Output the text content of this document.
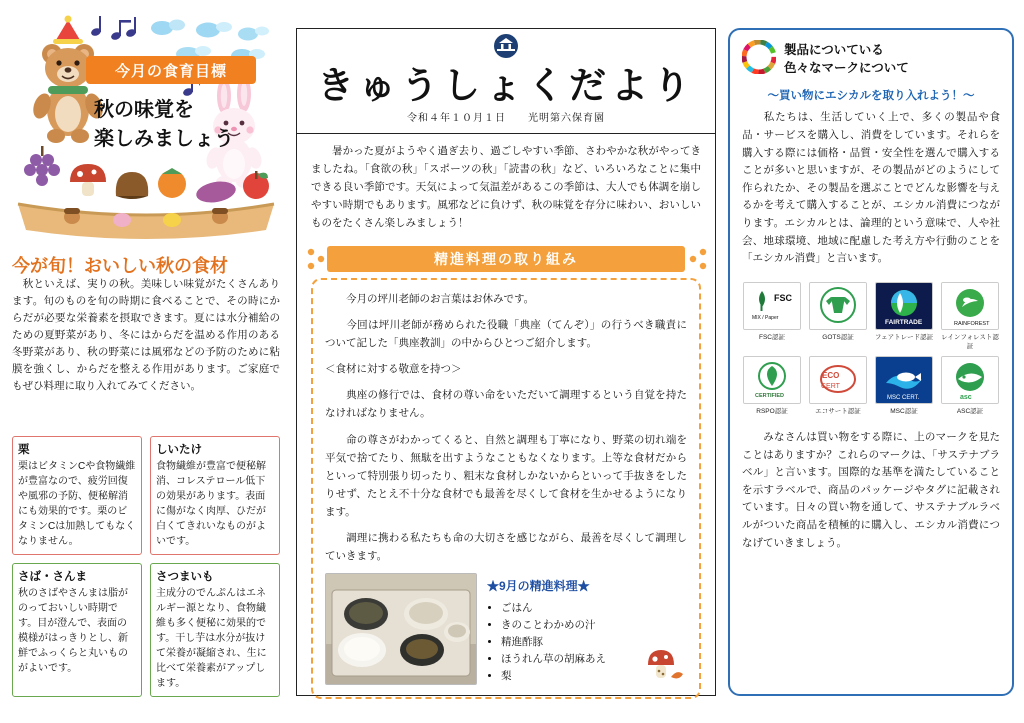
今月の食育目標
秋の味覚を
楽しみましょう
今が旬！おいしい秋の食材
　秋といえば、実りの秋。美味しい味覚がたくさんあります。旬のものを旬の時期に食べることで、その時にからだが必要な栄養素を摂取できます。夏には水分補給のための夏野菜があり、冬にはからだを温める作用のある冬野菜があり、秋の野菜には風邪などの予防のために粘膜を強くし、からだを整える作用があります。ご家庭でもぜひ料理に取り入れてみてください。
栗
栗はビタミンCや食物繊維が豊富なので、疲労回復や風邪の予防、便秘解消にも効果的です。栗のビタミンCは加熱してもなくなりません。
しいたけ
食物繊維が豊富で便秘解消、コレステロール低下の効果があります。表面に傷がなく肉厚、ひだが白くてきれいなものがよいです。
さば・さんま
秋のさばやさんまは脂がのっておいしい時期です。目が澄んで、表面の模様がはっきりとし、新鮮でふっくらと丸いものがよいです。
さつまいも
主成分のでんぷんはエネルギー源となり、食物繊維も多く便秘に効果的です。干し芋は水分が抜けて栄養が凝縮され、生に比べて栄養素がアップします。
きゅうしょくだより
令和４年１０月１日　　光明第六保育園
　暑かった夏がようやく過ぎ去り、過ごしやすい季節、さわやかな秋がやってきましたね。「食欲の秋」「スポーツの秋」「読書の秋」など、いろいろなことに集中できる良い季節です。天気によって気温差があるこの季節は、大人でも体調を崩しやすい時期でもあります。風邪などに負けず、秋の味覚を存分に味わい、おいしいものをたくさん楽しみましょう！
精進料理の取り組み

　今月の坪川老師のお言葉はお休みです。

　今回は坪川老師が務められた役職「典座（てんぞ）」の行うべき職責について記した「典座教訓」の中からひとつご紹介します。

＜食材に対する敬意を持つ＞

　典座の修行では、食材の尊い命をいただいて調理するという自覚を持たなければなりません。

　命の尊さがわかってくると、自然と調理も丁寧になり、野菜の切れ端を平気で捨てたり、無駄を出すようなこともなくなります。上等な食材だからといって特別張り切ったり、粗末な食材しかないからといって手抜きをしたりせず、たとえ不十分な食材でも最善を尽くして食材を生かせるようになります。

　調理に携わる私たちも命の大切さを感じながら、最善を尽くして調理していきます。

★9月の精進料理★
• ごはん
• きのことわかめの汁
• 精進酢豚
• ほうれん草の胡麻あえ
• 梨
製品についている
色々なマークについて
〜買い物にエシカルを取り入れよう！〜
　私たちは、生活していく上で、多くの製品や食品・サービスを購入し、消費をしています。それらを購入する際には価格・品質・安全性を選んで購入することが多いと思いますが、その製品がどのようにして作られたか、その製品を選ぶことでどんな影響を与えるかを考えて購入することが、エシカル消費につながります。エシカルとは、論理的という意味で、人や社会、地球環境、地域に配慮した考え方や行動のことを「エシカル消費」と言います。
FSC
MIX / Paper
FSC認証	GOTS認証
FAIRTRADE
フェアトレード認証
RAINFOREST
レインフォレスト認証
CERTIFIED
RSPO認証
ECO
CERT
エコサート認証
MSC CERT.
MSC認証
asc
ASC認証
　みなさんは買い物をする際に、上のマークを見たことはありますか？これらのマークは、「サステナブラベル」と言います。国際的な基準を満たしていることを示すラベルで、商品のパッケージやタグに記載されています。日々の買い物を通して、サステナブルラベルがついた商品を積極的に購入し、エシカル消費につなげていきましょう。
